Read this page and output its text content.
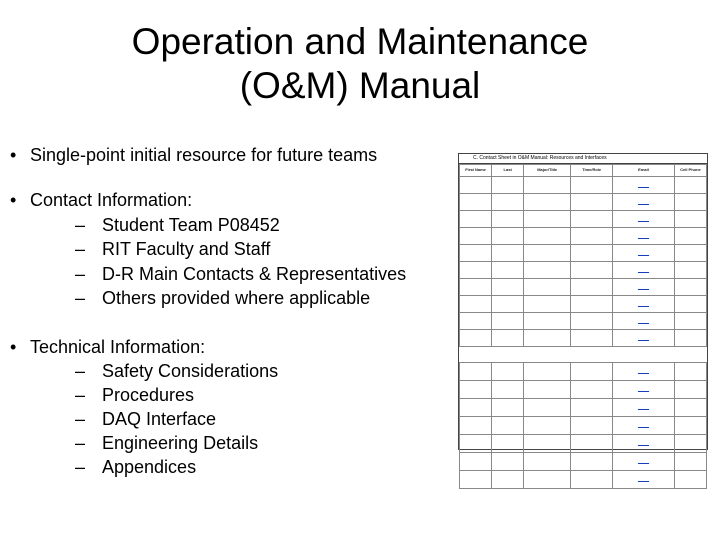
Operation and Maintenance
(O&M) Manual
• Single-point initial resource for future teams
• Contact Information:
– Student Team P08452
– RIT Faculty and Staff
– D-R Main Contacts & Representatives
– Others provided where applicable
• Technical Information:
– Safety Considerations
– Procedures
– DAQ Interface
– Engineering Details
– Appendices
C. Contact Sheet in O&M Manual: Resources and Interfaces
First Name	Last	Major/Title	Time/Role	Email	Cell Phone
